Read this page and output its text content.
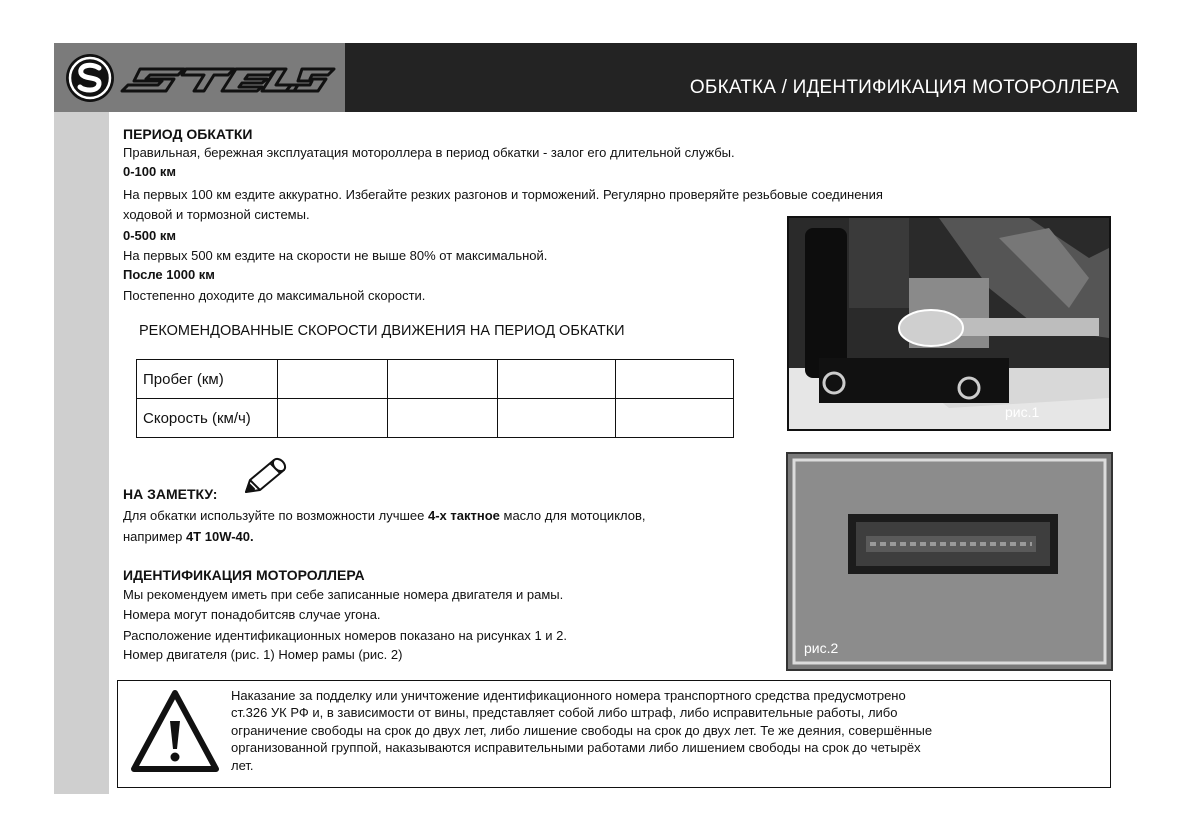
ОБКАТКА / ИДЕНТИФИКАЦИЯ МОТОРОЛЛЕРА
ПЕРИОД ОБКАТКИ
Правильная, бережная эксплуатация мотороллера в период обкатки - залог его длительной службы.
0-100 км
На первых 100 км ездите аккуратно. Избегайте резких разгонов и торможений. Регулярно проверяйте резьбовые соединения
ходовой и тормозной системы.
0-500 км
На первых 500 км ездите на скорости не выше 80% от максимальной.
После 1000 км
Постепенно доходите до максимальной скорости.
РЕКОМЕНДОВАННЫЕ СКОРОСТИ ДВИЖЕНИЯ НА ПЕРИОД ОБКАТКИ
Пробег (км)				
Скорость (км/ч)				
НА ЗАМЕТКУ:
Для обкатки используйте по возможности лучшее 4-х тактное масло для мотоциклов,
например 4T 10W-40.
ИДЕНТИФИКАЦИЯ МОТОРОЛЛЕРА
Мы рекомендуем иметь при себе записанные номера двигателя и рамы.
Номера могут понадобитсяв случае угона.
Расположение идентификационных номеров показано на рисунках 1 и 2.
Номер двигателя (рис. 1) Номер рамы (рис. 2)
рис.1
рис.2
Наказание за подделку или уничтожение идентификационного номера транспортного средства предусмотрено
ст.326 УК РФ и, в зависимости от вины, представляет собой либо штраф, либо исправительные работы, либо
ограничение свободы на срок до двух лет, либо лишение свободы на срок до двух лет. Те же деяния, совершённые
организованной группой, наказываются исправительными работами либо лишением свободы на срок до четырёх
лет.
